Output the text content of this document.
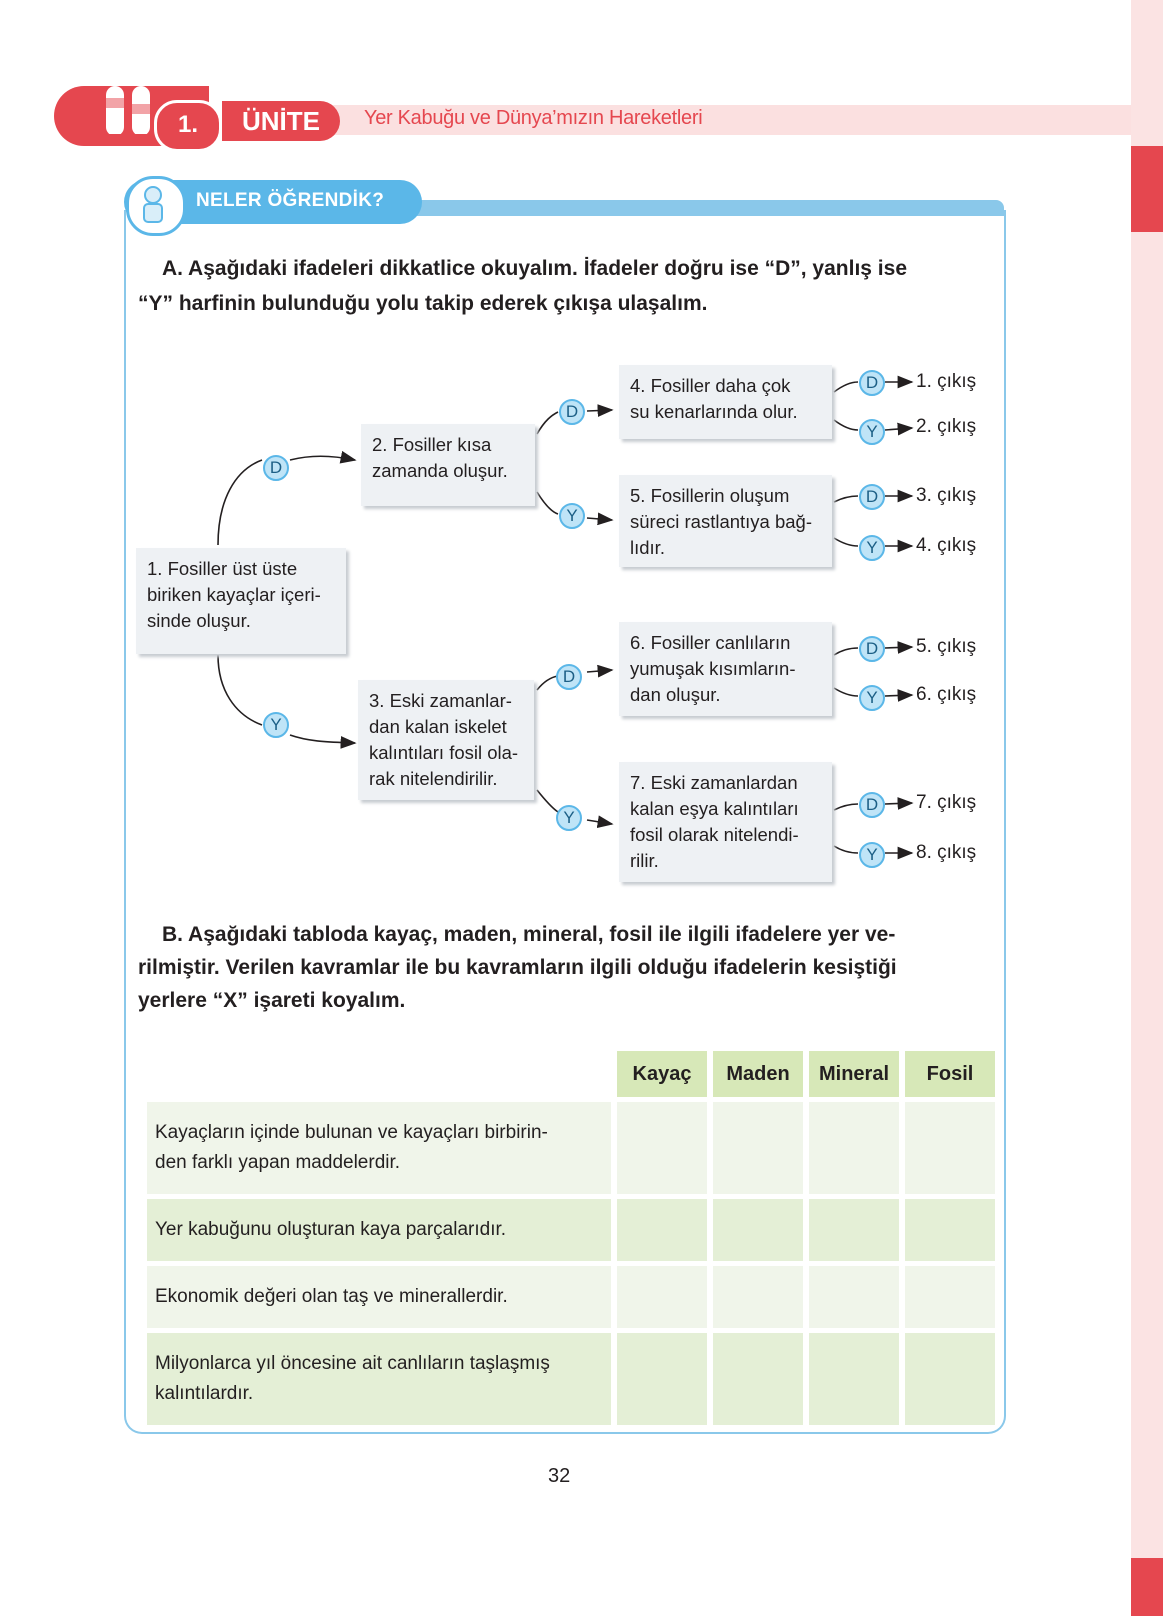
1.	ÜNİTE	Yer Kabuğu ve Dünya’mızın Hareketleri
NELER ÖĞRENDİK?
A. Aşağıdaki ifadeleri dikkatlice okuyalım. İfadeler doğru ise “D”, yanlış ise
“Y” harfinin bulunduğu yolu takip ederek çıkışa ulaşalım.
D
Y
D
Y
D
Y
D
Y
D
Y
D
Y
D
Y
1. Fosiller üst üste
biriken kayaçlar içeri-
sinde oluşur.
2. Fosiller kısa
zamanda oluşur.
3. Eski zamanlar-
dan kalan iskelet
kalıntıları fosil ola-
rak nitelendirilir.
4. Fosiller daha çok
su kenarlarında olur.
5. Fosillerin oluşum
süreci rastlantıya bağ-
lıdır.
6. Fosiller canlıların
yumuşak kısımların-
dan oluşur.
7. Eski zamanlardan
kalan eşya kalıntıları
fosil olarak nitelendi-
rilir.
1. çıkış
2. çıkış
3. çıkış
4. çıkış
5. çıkış
6. çıkış
7. çıkış
8. çıkış
B. Aşağıdaki tabloda kayaç, maden, mineral, fosil ile ilgili ifadelere yer ve-
rilmiştir. Verilen kavramlar ile bu kavramların ilgili olduğu ifadelerin kesiştiği
yerlere “X” işareti koyalım.
	Kayaç	Maden	Mineral	Fosil

Kayaçların içinde bulunan ve kayaçları birbirin-
den farklı yapan maddelerdir.				

Yer kabuğunu oluşturan kaya parçalarıdır.				
Ekonomik değeri olan taş ve minerallerdir.				

Milyonlarca yıl öncesine ait canlıların taşlaşmış
kalıntılardır.				

32
